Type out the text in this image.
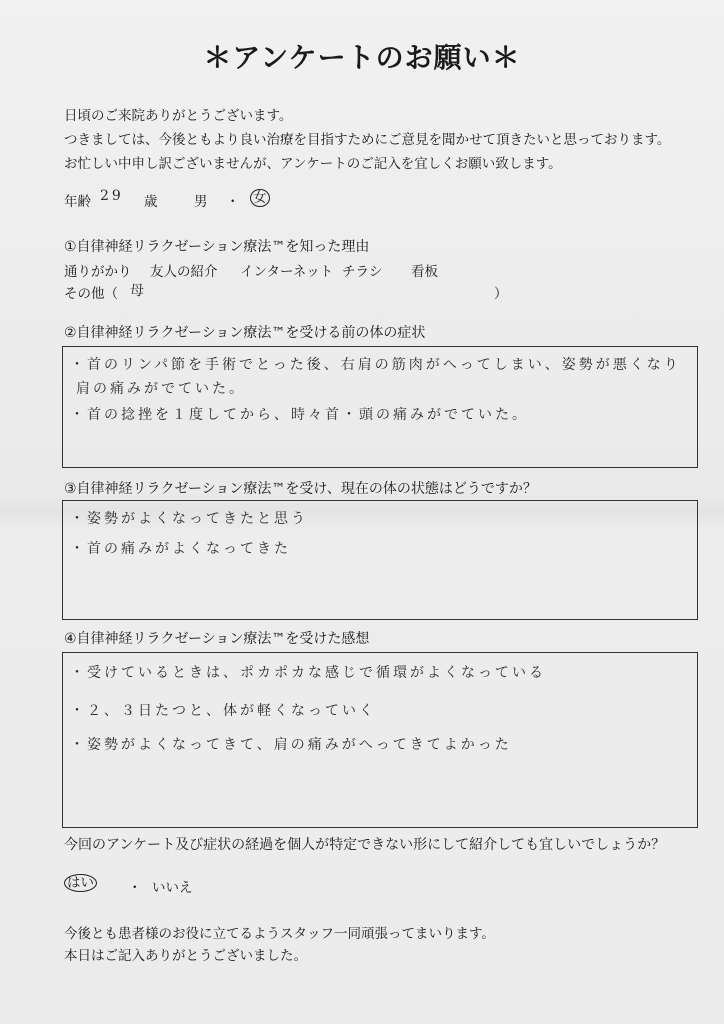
＊アンケートのお願い＊
日頃のご来院ありがとうございます。
つきましては、今後ともより良い治療を目指すためにご意見を聞かせて頂きたいと思っております。
お忙しい中申し訳ございませんが、アンケートのご記入を宜しくお願い致します。
年齢 29 歳	男 ・ 女
①自律神経リラクゼーション療法™を知った理由
通りがかり 友人の紹介 インターネット チラシ 看板
その他（ 母	）
②自律神経リラクゼーション療法™を受ける前の体の症状
・首のリンパ節を手術でとった後、右肩の筋肉がへってしまい、姿勢が悪くなり
肩の痛みがでていた。
・首の捻挫を１度してから、時々首・頭の痛みがでていた。
③自律神経リラクゼーション療法™を受け、現在の体の状態はどうですか？
・姿勢がよくなってきたと思う
・首の痛みがよくなってきた
④自律神経リラクゼーション療法™を受けた感想
・受けているときは、ポカポカな感じで循環がよくなっている
・２、３日たつと、体が軽くなっていく
・姿勢がよくなってきて、肩の痛みがへってきてよかった
今回のアンケート及び症状の経過を個人が特定できない形にして紹介しても宜しいでしょうか？
はい	・ いいえ
今後とも患者様のお役に立てるようスタッフ一同頑張ってまいります。
本日はご記入ありがとうございました。
